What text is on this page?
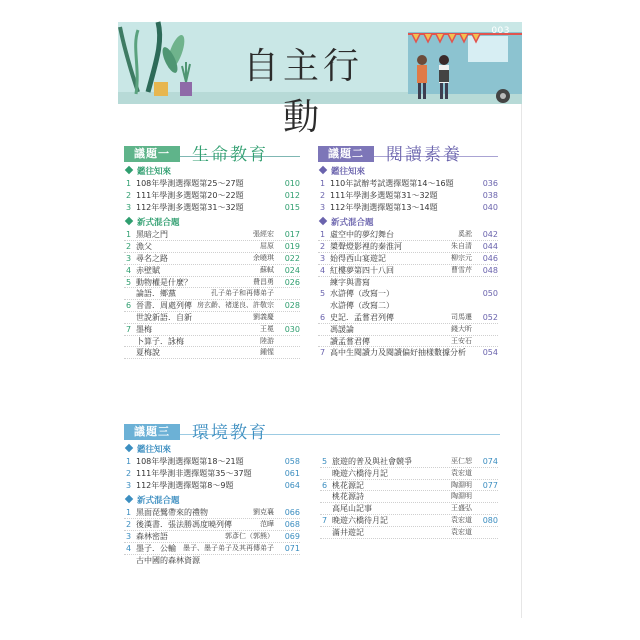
自主行動
003
議題一	生命教育
鑑往知來
1 108年學測選擇題第25～27題	010
2 111年學測多選題第20～22題	012
3 112年學測多選題第31～32題	015
新式混合題
1 黑暗之門	張經宏	017
2 漁父	屈原	019
3 尋名之路	余曉琪	022
4 赤壁賦	蘇軾	024
5 動物權是什麼？	費昌勇	026
論語．鄉黨	孔子弟子和再傳弟子
6 晉書．周處列傳 房玄齡、褚遂良、許敬宗	028
世說新語．自新	劉義慶
7 墨梅	王冕	030
卜算子．詠梅	陸游
夏梅說	鍾惺
議題二	閱讀素養
鑑往知來
1 110年試辦考試選擇題第14～16題	036
2 111年學測多選題第31～32題	038
3 112年學測選擇題第13～14題	040
新式混合題
1 虛空中的夢幻舞台	奚淞	042
2 槳聲燈影裡的秦淮河	朱自清	044
3 始得西山宴遊記	柳宗元	046
4 紅樓夢第四十八回	曹雪芹	048
練字與書寫
5 水滸傳（改寫一）	050
水滸傳（改寫二）
6 史記．孟嘗君列傳	司馬遷	052
馮諼論	錢大昕
讀孟嘗君傳	王安石
7 高中生閱讀力及閱讀偏好抽樣數據分析	054
議題三	環境教育
鑑往知來
1 108年學測選擇題第18～21題	058
2 111年學測非選擇題第35～37題	061
3 112年學測選擇題第8～9題	064
新式混合題
1 黑面琵鷺帶來的禮物	劉克襄	066
2 後漢書．張法勝馮度曉列傳	范曄	068
3 森林密語	郭彥仁（郭熊）	069
4 墨子．公輸 墨子、墨子弟子及其再傳弟子	071
古中國的森林資源
5 旅遊的普及與社會競爭	巫仁恕	074
晚遊六橋待月記	袁宏道
6 桃花源記	陶淵明	077
桃花源詩	陶淵明
高尾山記事	王盛弘
7 晚遊六橋待月記	袁宏道	080
滿井遊記	袁宏道
